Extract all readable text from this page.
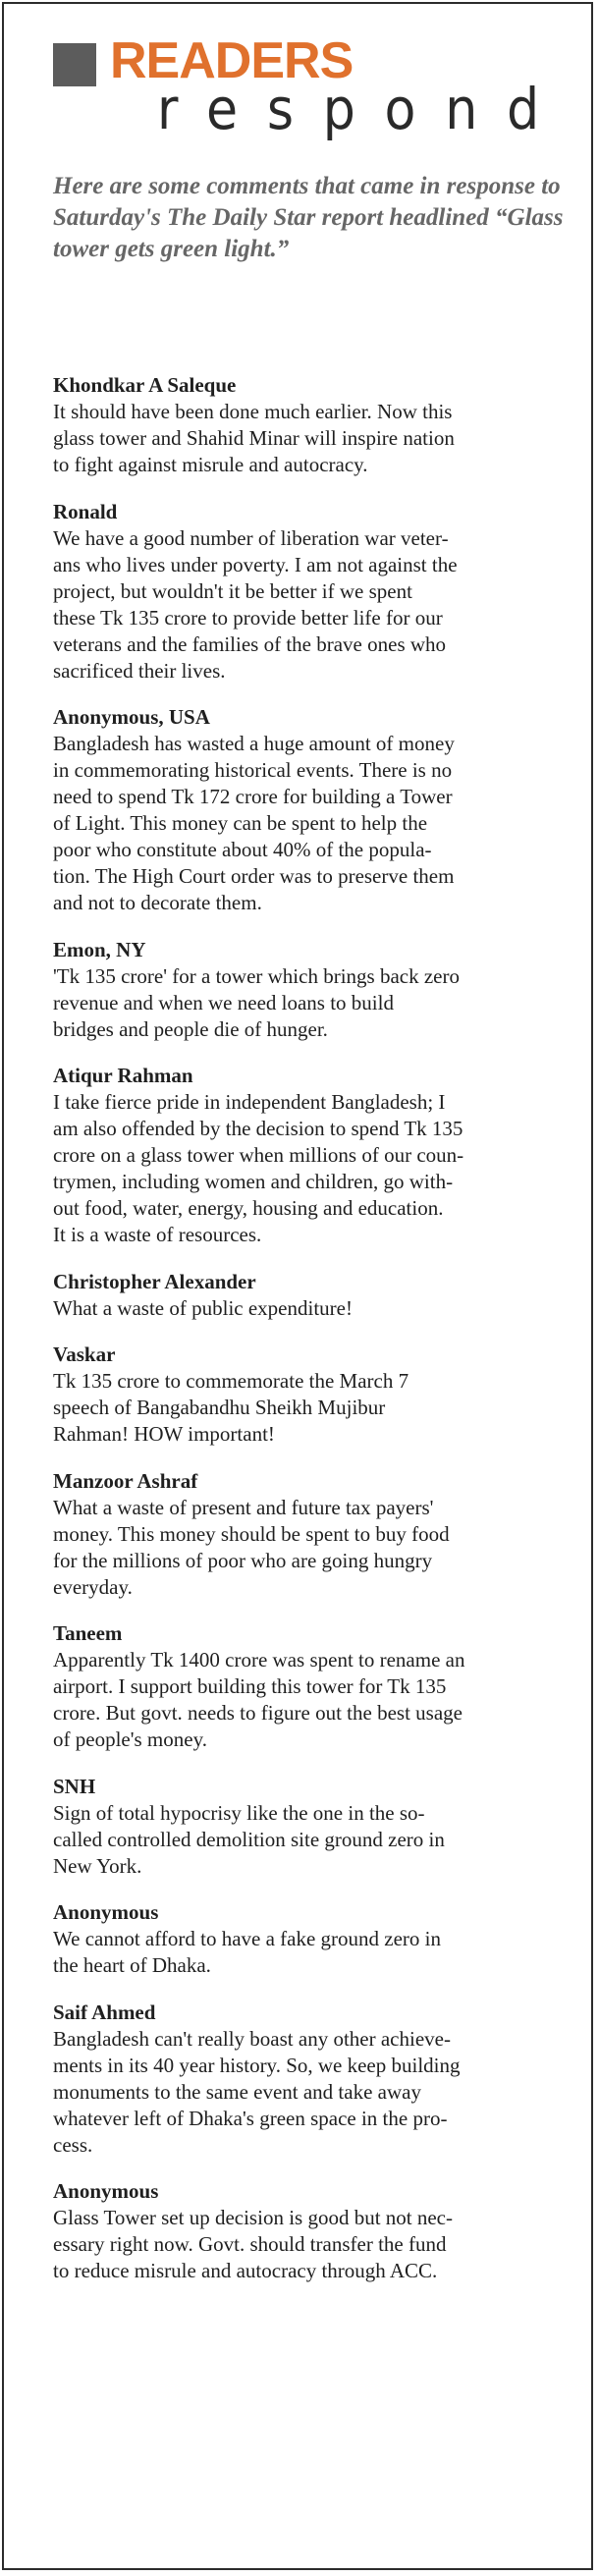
READERS
respond
Here are some comments that came in response to Saturday's The Daily Star report headlined “Glass tower gets green light.”
Khondkar A Saleque
It should have been done much earlier. Now this
glass tower and Shahid Minar will inspire nation
to fight against misrule and autocracy.
Ronald
We have a good number of liberation war veter-
ans who lives under poverty. I am not against the
project, but wouldn't it be better if we spent
these Tk 135 crore to provide better life for our
veterans and the families of the brave ones who
sacrificed their lives.
Anonymous, USA
Bangladesh has wasted a huge amount of money
in commemorating historical events. There is no
need to spend Tk 172 crore for building a Tower
of Light. This money can be spent to help the
poor who constitute about 40% of the popula-
tion. The High Court order was to preserve them
and not to decorate them.
Emon, NY
'Tk 135 crore' for a tower which brings back zero
revenue and when we need loans to build
bridges and people die of hunger.
Atiqur Rahman
I take fierce pride in independent Bangladesh; I
am also offended by the decision to spend Tk 135
crore on a glass tower when millions of our coun-
trymen, including women and children, go with-
out food, water, energy, housing and education.
It is a waste of resources.
Christopher Alexander
What a waste of public expenditure!
Vaskar
Tk 135 crore to commemorate the March 7
speech of Bangabandhu Sheikh Mujibur
Rahman! HOW important!
Manzoor Ashraf
What a waste of present and future tax payers'
money. This money should be spent to buy food
for the millions of poor who are going hungry
everyday.
Taneem
Apparently Tk 1400 crore was spent to rename an
airport. I support building this tower for Tk 135
crore. But govt. needs to figure out the best usage
of people's money.
SNH
Sign of total hypocrisy like the one in the so-
called controlled demolition site ground zero in
New York.
Anonymous
We cannot afford to have a fake ground zero in
the heart of Dhaka.
Saif Ahmed
Bangladesh can't really boast any other achieve-
ments in its 40 year history. So, we keep building
monuments to the same event and take away
whatever left of Dhaka's green space in the pro-
cess.
Anonymous
Glass Tower set up decision is good but not nec-
essary right now. Govt. should transfer the fund
to reduce misrule and autocracy through ACC.
